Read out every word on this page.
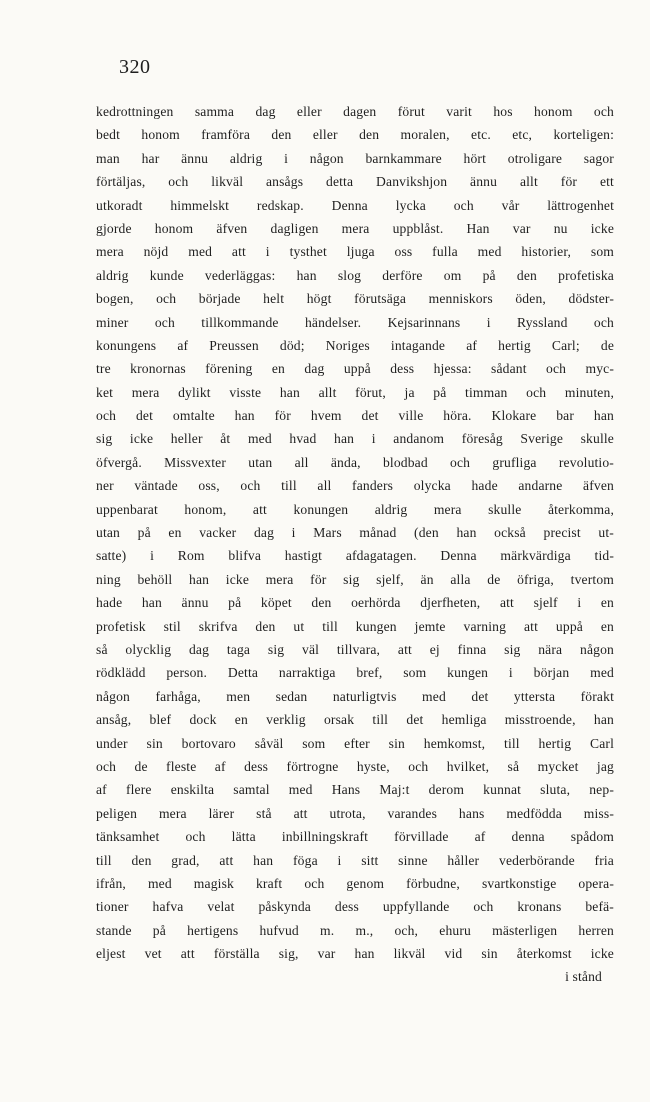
320
kedrottningen samma dag eller dagen förut varit hos honom och
bedt honom framföra den eller den moralen, etc. etc, korteligen:
man har ännu aldrig i någon barnkammare hört otroligare sagor
förtäljas, och likväl ansågs detta Danvikshjon ännu allt för ett
utkoradt himmelskt redskap. Denna lycka och vår lättrogenhet
gjorde honom äfven dagligen mera uppblåst. Han var nu icke
mera nöjd med att i tysthet ljuga oss fulla med historier, som
aldrig kunde vederläggas: han slog derföre om på den profetiska
bogen, och började helt högt förutsäga menniskors öden, dödster-
miner och tillkommande händelser. Kejsarinnans i Ryssland och
konungens af Preussen död; Noriges intagande af hertig Carl; de
tre kronornas förening en dag uppå dess hjessa: sådant och myc-
ket mera dylikt visste han allt förut, ja på timman och minuten,
och det omtalte han för hvem det ville höra. Klokare bar han
sig icke heller åt med hvad han i andanom föresåg Sverige skulle
öfvergå. Missvexter utan all ända, blodbad och grufliga revolutio-
ner väntade oss, och till all fanders olycka hade andarne äfven
uppenbarat honom, att konungen aldrig mera skulle återkomma,
utan på en vacker dag i Mars månad (den han också precist ut-
satte) i Rom blifva hastigt afdagatagen. Denna märkvärdiga tid-
ning behöll han icke mera för sig sjelf, än alla de öfriga, tvertom
hade han ännu på köpet den oerhörda djerfheten, att sjelf i en
profetisk stil skrifva den ut till kungen jemte varning att uppå en
så olycklig dag taga sig väl tillvara, att ej finna sig nära någon
rödklädd person. Detta narraktiga bref, som kungen i början med
någon farhåga, men sedan naturligtvis med det yttersta förakt
ansåg, blef dock en verklig orsak till det hemliga misstroende, han
under sin bortovaro såväl som efter sin hemkomst, till hertig Carl
och de fleste af dess förtrogne hyste, och hvilket, så mycket jag
af flere enskilta samtal med Hans Maj:t derom kunnat sluta, nep-
peligen mera lärer stå att utrota, varandes hans medfödda miss-
tänksamhet och lätta inbillningskraft förvillade af denna spådom
till den grad, att han föga i sitt sinne håller vederbörande fria
ifrån, med magisk kraft och genom förbudne, svartkonstige opera-
tioner hafva velat påskynda dess uppfyllande och kronans befä-
stande på hertigens hufvud m. m., och, ehuru mästerligen herren
eljest vet att förställa sig, var han likväl vid sin återkomst icke
i stånd
